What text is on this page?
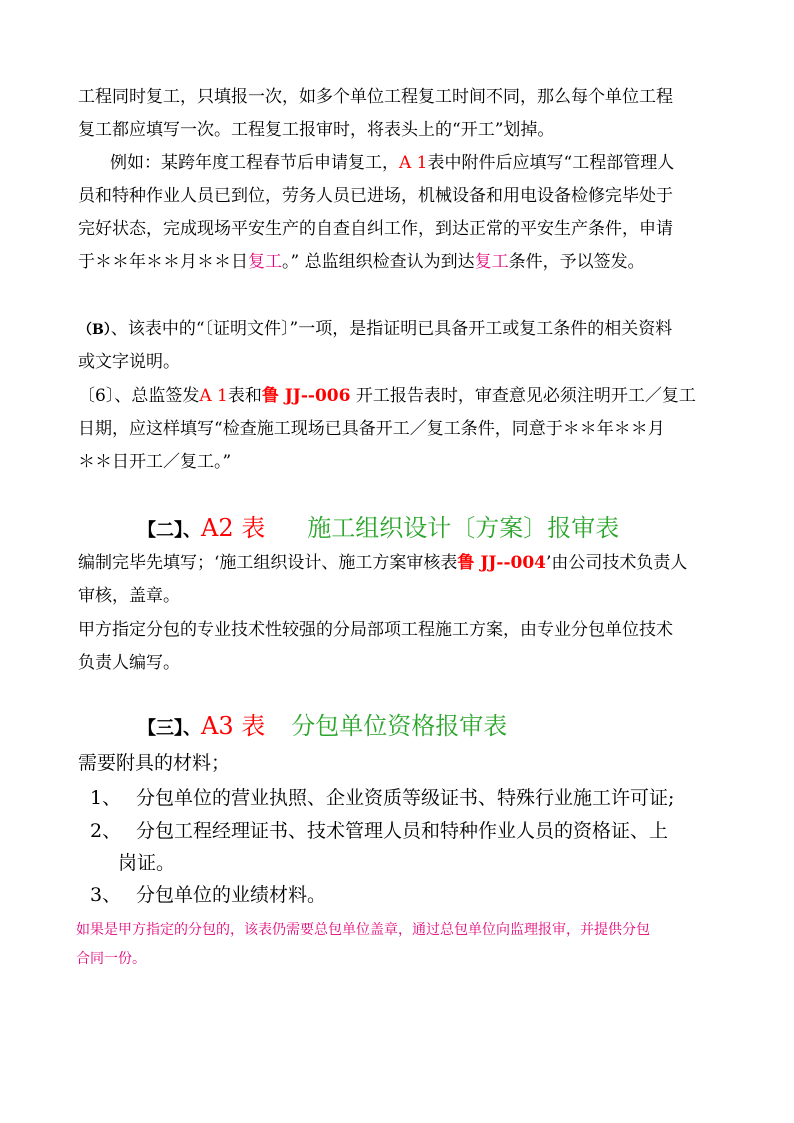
工程同时复工，只填报一次，如多个单位工程复工时间不同，那么每个单位工程
复工都应填写一次。工程复工报审时，将表头上的“开工”划掉。
例如：某跨年度工程春节后申请复工，A 1表中附件后应填写“工程部管理人
员和特种作业人员已到位，劳务人员已进场，机械设备和用电设备检修完毕处于
完好状态，完成现场平安生产的自查自纠工作，到达正常的平安生产条件，申请
于＊＊年＊＊月＊＊日复工。” 总监组织检查认为到达复工条件，予以签发。
（B）、该表中的“〔证明文件〕”一项，是指证明已具备开工或复工条件的相关资料
或文字说明。
〔6〕、总监签发A 1表和鲁 JJ--006 开工报告表时，审查意见必须注明开工／复工
日期，应这样填写“检查施工现场已具备开工／复工条件，同意于＊＊年＊＊月
＊＊日开工／复工。”
【二】、A2 表 施工组织设计〔方案〕报审表
编制完毕先填写；‘施工组织设计、施工方案审核表鲁 JJ--004’由公司技术负责人
审核，盖章。
甲方指定分包的专业技术性较强的分局部项工程施工方案，由专业分包单位技术
负责人编写。
【三】、A3 表 分包单位资格报审表
需要附具的材料；
1、 分包单位的营业执照、企业资质等级证书、特殊行业施工许可证;
2、 分包工程经理证书、技术管理人员和特种作业人员的资格证、上
岗证。
3、 分包单位的业绩材料。
如果是甲方指定的分包的，该表仍需要总包单位盖章，通过总包单位向监理报审，并提供分包
合同一份。
